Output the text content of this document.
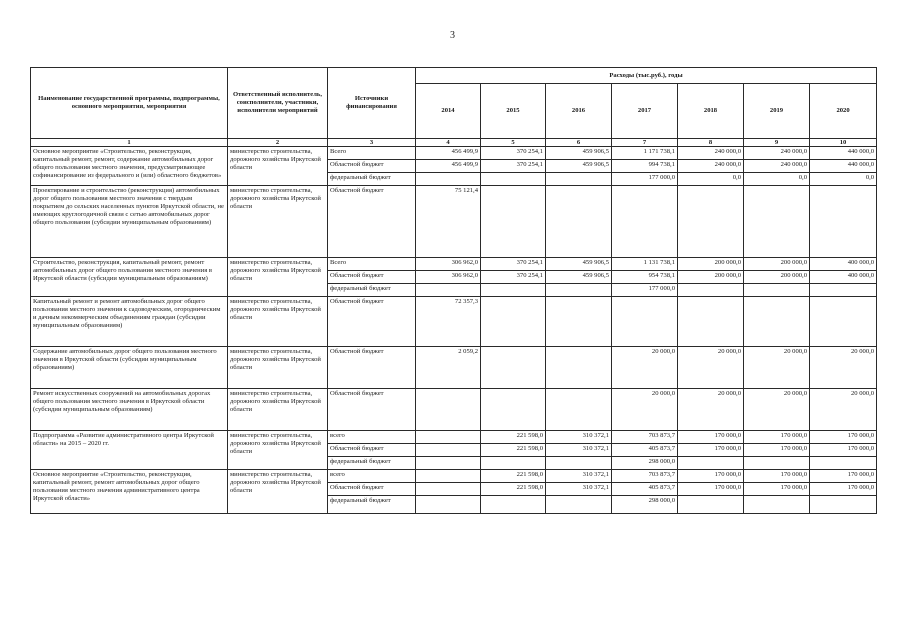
3
Наименование государственной программы, подпрограммы, основного мероприятия, мероприятия	Ответственный исполнитель, соисполнители, участники, исполнители мероприятий	Источники финансирования	Расходы (тыс.руб.), годы						
			2014	2015	2016	2017	2018	2019	2020
1	2	3	4	5	6	7	8	9	10
Основное мероприятие «Строительство, реконструкция, капитальный ремонт, ремонт, содержание автомобильных дорог общего пользования местного значения, предусматривающее софинансирование из федерального и (или) областного бюджетов»	министерство строительства, дорожного хозяйства Иркутской области	Всего	456 499,9	370 254,1	459 906,5	1 171 738,1	240 000,0	240 000,0	440 000,0
		Областной бюджет	456 499,9	370 254,1	459 906,5	994 738,1	240 000,0	240 000,0	440 000,0
		федеральный бюджет				177 000,0	0,0	0,0	0,0
Проектирование и строительство (реконструкция) автомобильных дорог общего пользования местного значения с твердым покрытием до сельских населенных пунктов Иркутской области, не имеющих круглогодичной связи с сетью автомобильных дорог общего пользования (субсидии муниципальным образованиям)	министерство строительства, дорожного хозяйства Иркутской области	Областной бюджет	75 121,4						
Строительство, реконструкция, капитальный ремонт, ремонт автомобильных дорог общего пользования местного значения в Иркутской области (субсидии муниципальным образованиям)	министерство строительства, дорожного хозяйства Иркутской области	Всего	306 962,0	370 254,1	459 906,5	1 131 738,1	200 000,0	200 000,0	400 000,0
		Областной бюджет	306 962,0	370 254,1	459 906,5	954 738,1	200 000,0	200 000,0	400 000,0
		федеральный бюджет				177 000,0			
Капитальный ремонт и ремонт автомобильных дорог общего пользования местного значения к садоводческим, огородническим и дачным некоммерческим объединениям граждан (субсидии муниципальным образованиям)	министерство строительства, дорожного хозяйства Иркутской области	Областной бюджет	72 357,3						
Содержание автомобильных дорог общего пользования местного значения в Иркутской области (субсидии муниципальным образованиям)	министерство строительства, дорожного хозяйства Иркутской области	Областной бюджет	2 059,2			20 000,0	20 000,0	20 000,0	20 000,0
Ремонт искусственных сооружений на автомобильных дорогах общего пользования местного значения в Иркутской области (субсидии муниципальным образованиям)	министерство строительства, дорожного хозяйства Иркутской области	Областной бюджет				20 000,0	20 000,0	20 000,0	20 000,0
Подпрограмма «Развитие административного центра Иркутской области» на 2015 – 2020 гг.	министерство строительства, дорожного хозяйства Иркутской области	всего		221 598,0	310 372,1	703 873,7	170 000,0	170 000,0	170 000,0
		Областной бюджет		221 598,0	310 372,1	405 873,7	170 000,0	170 000,0	170 000,0
		федеральный бюджет				298 000,0			
Основное мероприятие «Строительство, реконструкция, капитальный ремонт, ремонт автомобильных дорог общего пользования местного значения административного центра Иркутской области»	министерство строительства, дорожного хозяйства Иркутской области	всего		221 598,0	310 372,1	703 873,7	170 000,0	170 000,0	170 000,0
		Областной бюджет		221 598,0	310 372,1	405 873,7	170 000,0	170 000,0	170 000,0
		федеральный бюджет				298 000,0			
